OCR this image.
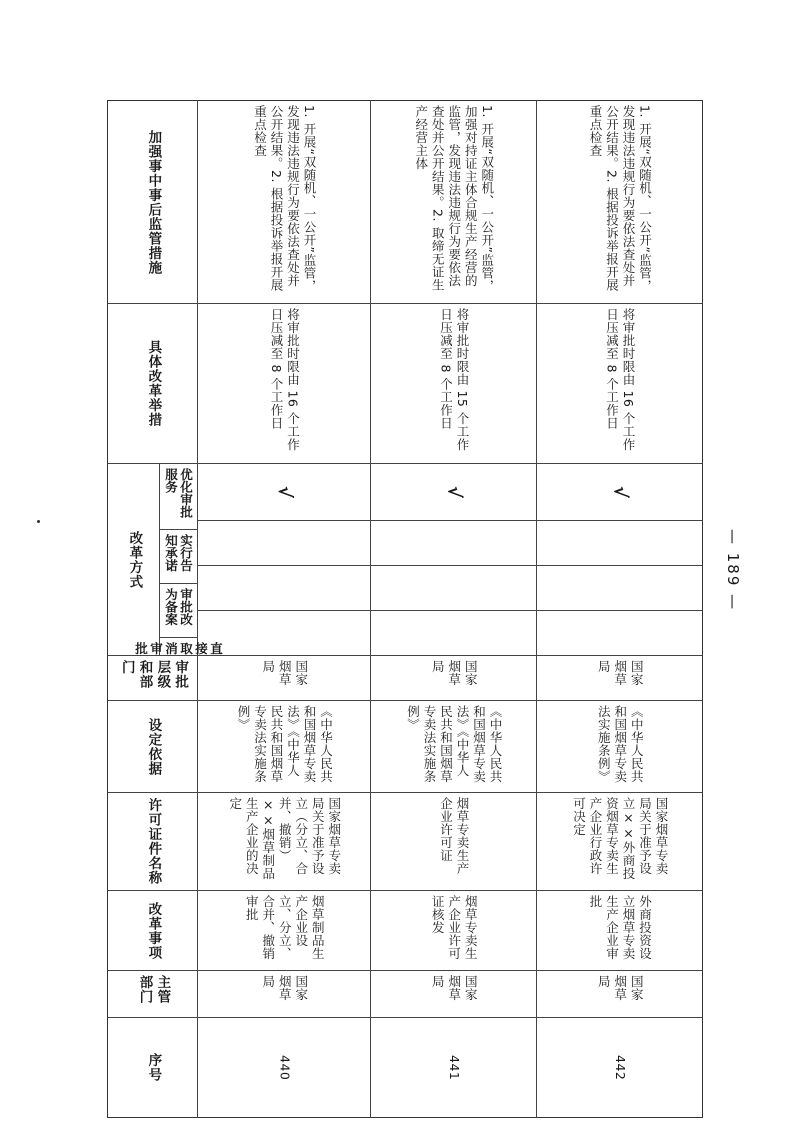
加强事中事后监管措施
具体改革举措
改革方式
优化审批服务
实行告知承诺
审批改为备案
直接取消审批
审批层级和部门
设定依据
许可证件名称
改革事项
主管部门
序号
1. 开展“双随机、一公开”监管，发现违法违规行为要依法查处并公开结果。2. 根据投诉举报开展重点检查
将审批时限由 16 个工作日压减至 8 个工作日
√
国家烟草局
《中华人民共和国烟草专卖法》《中华人民共和国烟草专卖法实施条例》
国家烟草专卖局关于准予设立（分立、合并、撤销）××烟草制品生产企业的决定
烟草制品生产企业设立、分立、合并、撤销审批
国家烟草局
440
1. 开展“双随机、一公开”监管，加强对持证主体合规生产经营的监管，发现违法违规行为要依法查处并公开结果。2. 取缔无证生产经营主体
将审批时限由 15 个工作日压减至 8 个工作日
√
国家烟草局
《中华人民共和国烟草专卖法》《中华人民共和国烟草专卖法实施条例》
烟草专卖生产企业许可证
烟草专卖生产企业许可证核发
国家烟草局
441
1. 开展“双随机、一公开”监管，发现违法违规行为要依法查处并公开结果。2. 根据投诉举报开展重点检查
将审批时限由 16 个工作日压减至 8 个工作日
√
国家烟草局
《中华人民共和国烟草专卖法实施条例》
国家烟草专卖局关于准予设立××外商投资烟草专卖生产企业行政许可决定
外商投资设立烟草专卖生产企业审批
国家烟草局
442
— 189 —
